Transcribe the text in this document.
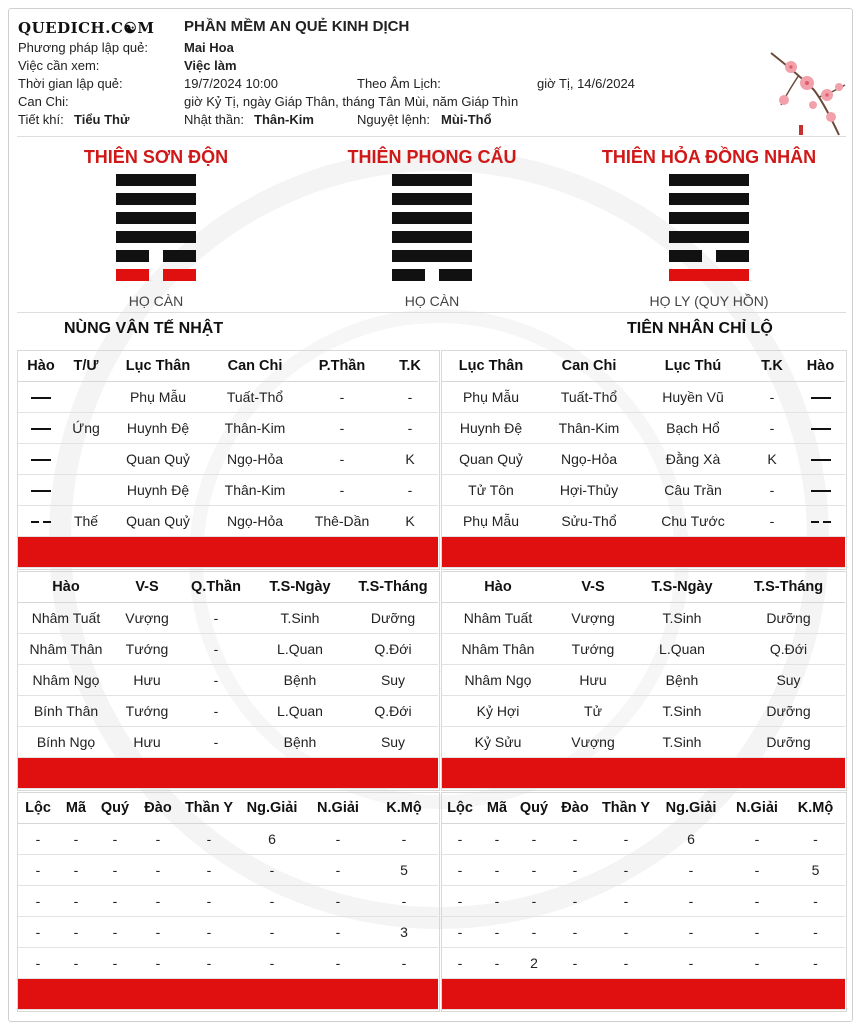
QUEDICH.C☯M PHẦN MỀM AN QUẺ KINH DỊCH
Phương pháp lập quẻ:	Mai Hoa
Việc cần xem:	Việc làm
Thời gian lập quẻ:	19/7/2024 10:00	Theo Âm Lịch:	giờ Tị, 14/6/2024
Can Chi:	giờ Kỷ Tị, ngày Giáp Thân, tháng Tân Mùi, năm Giáp Thìn
Tiết khí: Tiểu Thử	Nhật thần: Thân-Kim	Nguyệt lệnh: Mùi-Thổ
THIÊN SƠN ĐỘN	THIÊN PHONG CẤU	THIÊN HỎA ĐỒNG NHÂN
HỌ CÀN	HỌ CÀN	HỌ LY (QUY HỒN)
NÙNG VÂN TẾ NHẬT	TIÊN NHÂN CHỈ LỘ
Hào	T/Ư	Lục Thân	Can Chi	P.Thần	T.K
		Phụ Mẫu	Tuất-Thổ	-	-
	Ứng	Huynh Đệ	Thân-Kim	-	-
		Quan Quỷ	Ngọ-Hỏa	-	K
		Huynh Đệ	Thân-Kim	-	-
	Thế	Quan Quỷ	Ngọ-Hỏa	Thê-Dần	K
		Phụ Mẫu	Thìn-Thổ	Tử-Tý	-
Lục Thân	Can Chi	Lục Thú	T.K	Hào
Phụ Mẫu	Tuất-Thổ	Huyền Vũ	-	
Huynh Đệ	Thân-Kim	Bạch Hổ	-	
Quan Quỷ	Ngọ-Hỏa	Đằng Xà	K	
Tử Tôn	Hợi-Thủy	Câu Trần	-	
Phụ Mẫu	Sửu-Thổ	Chu Tước	-	
Thê Tài	Mão-Mộc	Thanh Long	-	
Hào	V-S	Q.Thần	T.S-Ngày	T.S-Tháng
Nhâm Tuất	Vượng	-	T.Sinh	Dưỡng
Nhâm Thân	Tướng	-	L.Quan	Q.Đới
Nhâm Ngọ	Hưu	-	Bệnh	Suy
Bính Thân	Tướng	-	L.Quan	Q.Đới
Bính Ngọ	Hưu	-	Bệnh	Suy
Bính Thìn	Vượng	-	T.Sinh	Dưỡng
Hào	V-S	T.S-Ngày	T.S-Tháng
Nhâm Tuất	Vượng	T.Sinh	Dưỡng
Nhâm Thân	Tướng	L.Quan	Q.Đới
Nhâm Ngọ	Hưu	Bệnh	Suy
Kỷ Hợi	Tử	T.Sinh	Dưỡng
Kỷ Sửu	Vượng	T.Sinh	Dưỡng
Kỷ Mão	Tù	Tuyệt	Mộ
Lộc	Mã	Quý	Đào	Thần Y	Ng.Giải	N.Giải	K.Mộ
-	-	-	-	-	6	-	-
-	-	-	-	-	-	-	5
-	-	-	-	-	-	-	-
-	-	-	-	-	-	-	3
-	-	-	-	-	-	-	-
-	-	-	-	-	-	-	-
Lộc	Mã	Quý	Đào	Thần Y	Ng.Giải	N.Giải	K.Mộ
-	-	-	-	-	6	-	-
-	-	-	-	-	-	-	5
-	-	-	-	-	-	-	-
-	-	-	-	-	-	-	-
-	-	2	-	-	-	-	-
-	-	-	-	1	-	-	-
